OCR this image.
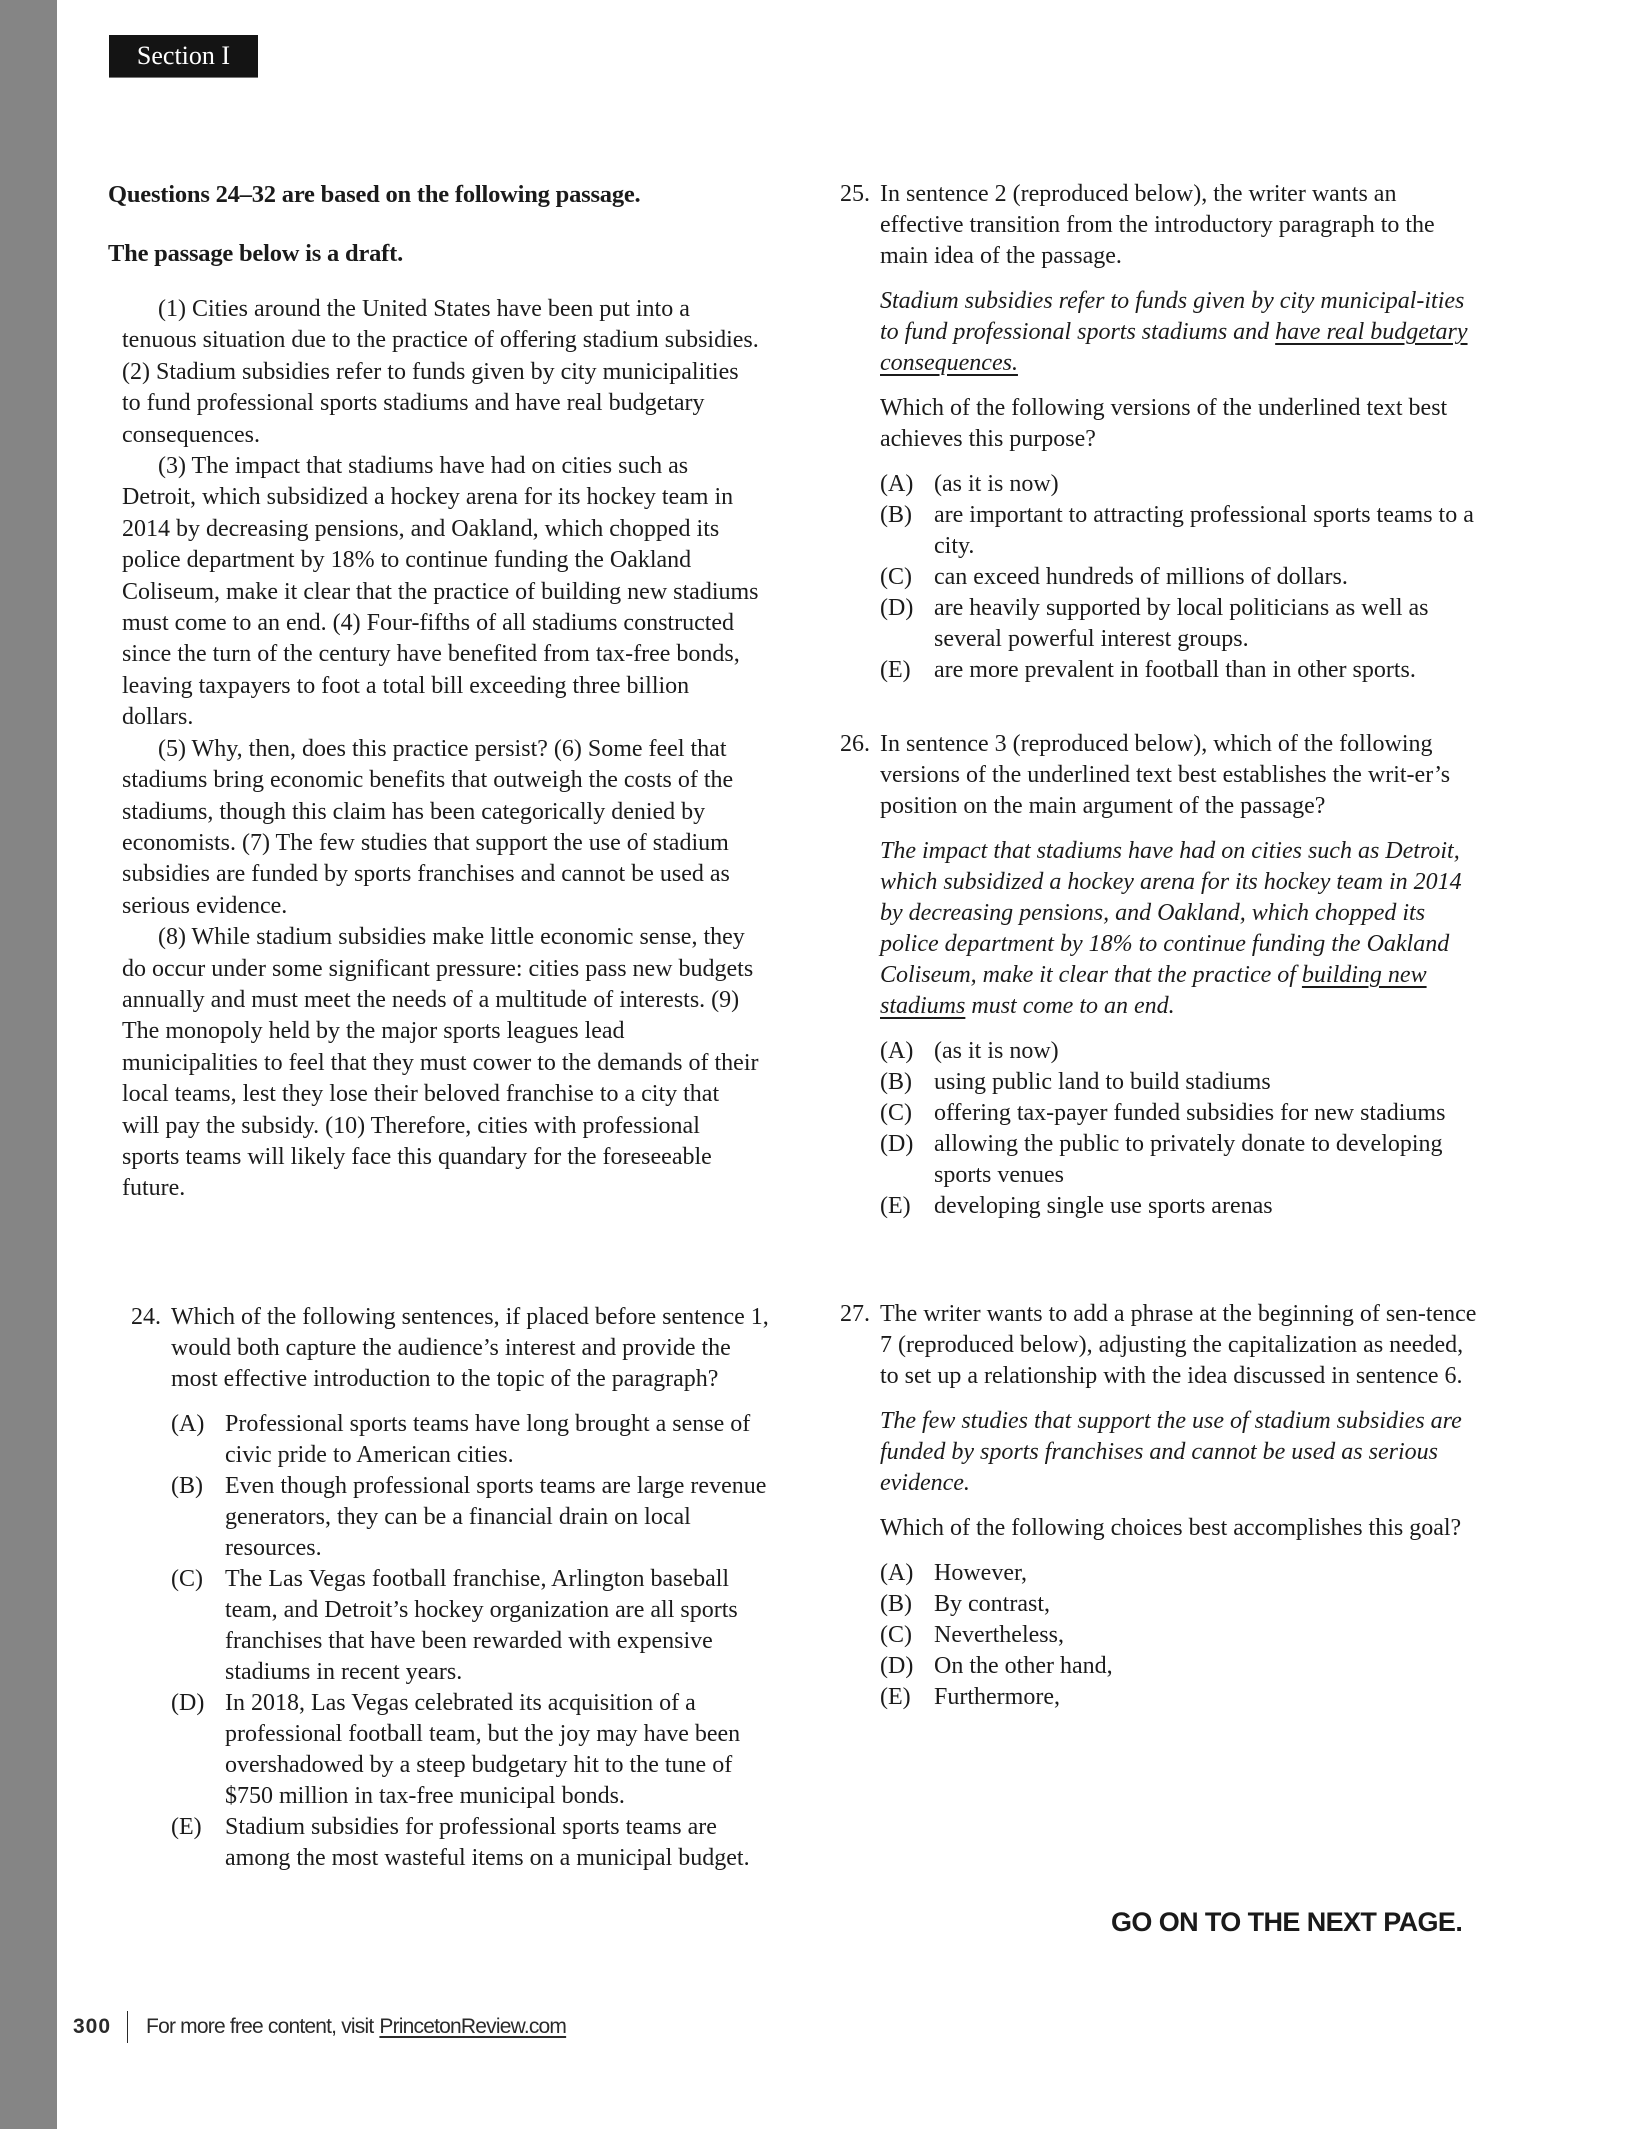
Section I
Questions 24–32 are based on the following passage.
The passage below is a draft.

(1) Cities around the United States have been put into a tenuous situation due to the practice of offering stadium subsidies. (2) Stadium subsidies refer to funds given by city municipalities to fund professional sports stadiums and have real budgetary consequences.

(3) The impact that stadiums have had on cities such as Detroit, which subsidized a hockey arena for its hockey team in 2014 by decreasing pensions, and Oakland, which chopped its police department by 18% to continue funding the Oakland Coliseum, make it clear that the practice of building new stadiums must come to an end. (4) Four-fifths of all stadiums constructed since the turn of the century have benefited from tax-free bonds, leaving taxpayers to foot a total bill exceeding three billion dollars.

(5) Why, then, does this practice persist? (6) Some feel that stadiums bring economic benefits that outweigh the costs of the stadiums, though this claim has been categorically denied by economists. (7) The few studies that support the use of stadium subsidies are funded by sports franchises and cannot be used as serious evidence.

(8) While stadium subsidies make little economic sense, they do occur under some significant pressure: cities pass new budgets annually and must meet the needs of a multitude of interests. (9) The monopoly held by the major sports leagues lead municipalities to feel that they must cower to the demands of their local teams, lest they lose their beloved franchise to a city that will pay the subsidy. (10) Therefore, cities with professional sports teams will likely face this quandary for the foreseeable future.

24. Which of the following sentences, if placed before sentence 1, would both capture the audience’s interest and provide the most effective introduction to the topic of the paragraph?

(A) Professional sports teams have long brought a sense of civic pride to American cities.
(B) Even though professional sports teams are large revenue generators, they can be a financial drain on local resources.
(C) The Las Vegas football franchise, Arlington baseball team, and Detroit’s hockey organization are all sports franchises that have been rewarded with expensive stadiums in recent years.
(D) In 2018, Las Vegas celebrated its acquisition of a professional football team, but the joy may have been overshadowed by a steep budgetary hit to the tune of $750 million in tax-free municipal bonds.
(E) Stadium subsidies for professional sports teams are among the most wasteful items on a municipal budget.

25. In sentence 2 (reproduced below), the writer wants an effective transition from the introductory paragraph to the main idea of the passage.

Stadium subsidies refer to funds given by city municipal-ities to fund professional sports stadiums and have real budgetary consequences.

Which of the following versions of the underlined text best achieves this purpose?

(A) (as it is now)
(B) are important to attracting professional sports teams to a city.
(C) can exceed hundreds of millions of dollars.
(D) are heavily supported by local politicians as well as several powerful interest groups.
(E) are more prevalent in football than in other sports.

26. In sentence 3 (reproduced below), which of the following versions of the underlined text best establishes the writ-er’s position on the main argument of the passage?

The impact that stadiums have had on cities such as Detroit, which subsidized a hockey arena for its hockey team in 2014 by decreasing pensions, and Oakland, which chopped its police department by 18% to continue funding the Oakland Coliseum, make it clear that the practice of building new stadiums must come to an end.

(A) (as it is now)
(B) using public land to build stadiums
(C) offering tax-payer funded subsidies for new stadiums
(D) allowing the public to privately donate to developing sports venues
(E) developing single use sports arenas

27. The writer wants to add a phrase at the beginning of sen-tence 7 (reproduced below), adjusting the capitalization as needed, to set up a relationship with the idea discussed in sentence 6.

The few studies that support the use of stadium subsidies are funded by sports franchises and cannot be used as serious evidence.

Which of the following choices best accomplishes this goal?

(A) However,
(B) By contrast,
(C) Nevertheless,
(D) On the other hand,
(E) Furthermore,
GO ON TO THE NEXT PAGE.
300 For more free content, visit PrincetonReview.com
